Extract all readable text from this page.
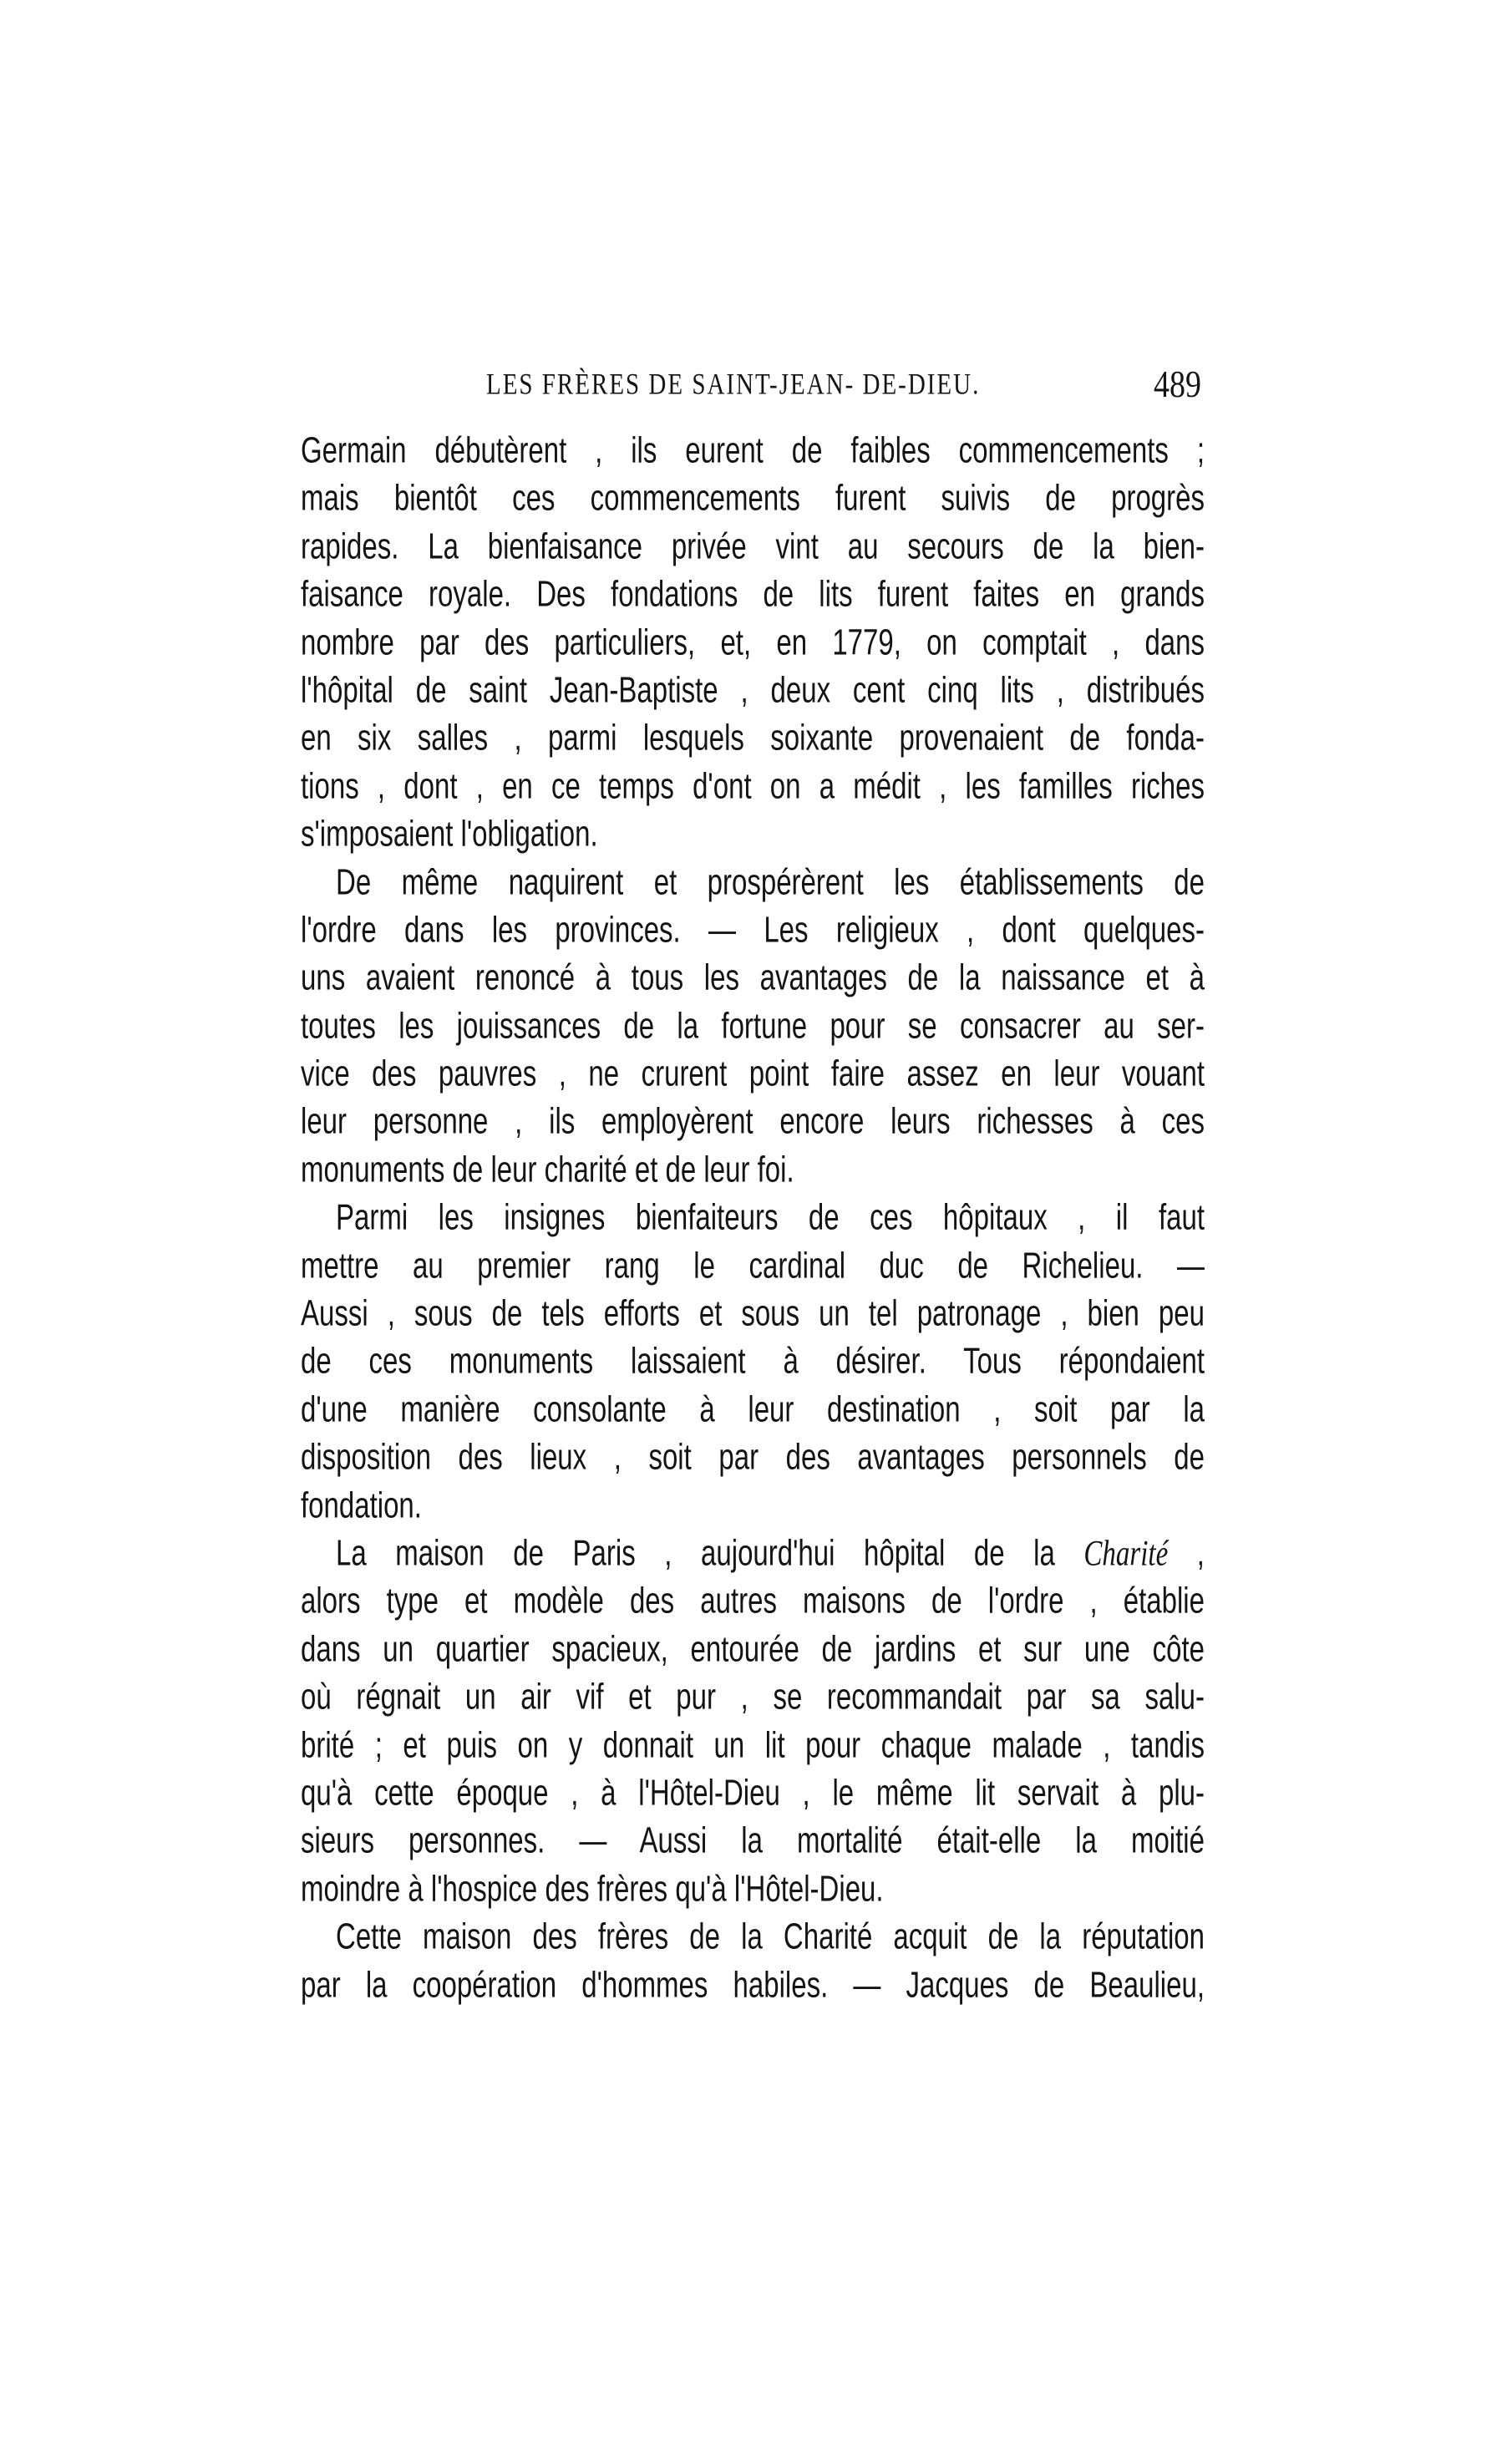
LES FRÈRES DE SAINT-JEAN- DE-DIEU.	489
Germain débutèrent , ils eurent de faibles commencements ;
mais bientôt ces commencements furent suivis de progrès
rapides. La bienfaisance privée vint au secours de la bien-
faisance royale. Des fondations de lits furent faites en grands
nombre par des particuliers, et, en 1779, on comptait , dans
l'hôpital de saint Jean-Baptiste , deux cent cinq lits , distribués
en six salles , parmi lesquels soixante provenaient de fonda-
tions , dont , en ce temps d'ont on a médit , les familles riches
s'imposaient l'obligation.
De même naquirent et prospérèrent les établissements de
l'ordre dans les provinces. — Les religieux , dont quelques-
uns avaient renoncé à tous les avantages de la naissance et à
toutes les jouissances de la fortune pour se consacrer au ser-
vice des pauvres , ne crurent point faire assez en leur vouant
leur personne , ils employèrent encore leurs richesses à ces
monuments de leur charité et de leur foi.
Parmi les insignes bienfaiteurs de ces hôpitaux , il faut
mettre au premier rang le cardinal duc de Richelieu. —
Aussi , sous de tels efforts et sous un tel patronage , bien peu
de ces monuments laissaient à désirer. Tous répondaient
d'une manière consolante à leur destination , soit par la
disposition des lieux , soit par des avantages personnels de
fondation.
La maison de Paris , aujourd'hui hôpital de la Charité ,
alors type et modèle des autres maisons de l'ordre , établie
dans un quartier spacieux, entourée de jardins et sur une côte
où régnait un air vif et pur , se recommandait par sa salu-
brité ; et puis on y donnait un lit pour chaque malade , tandis
qu'à cette époque , à l'Hôtel-Dieu , le même lit servait à plu-
sieurs personnes. — Aussi la mortalité était-elle la moitié
moindre à l'hospice des frères qu'à l'Hôtel-Dieu.
Cette maison des frères de la Charité acquit de la réputation
par la coopération d'hommes habiles. — Jacques de Beaulieu,
